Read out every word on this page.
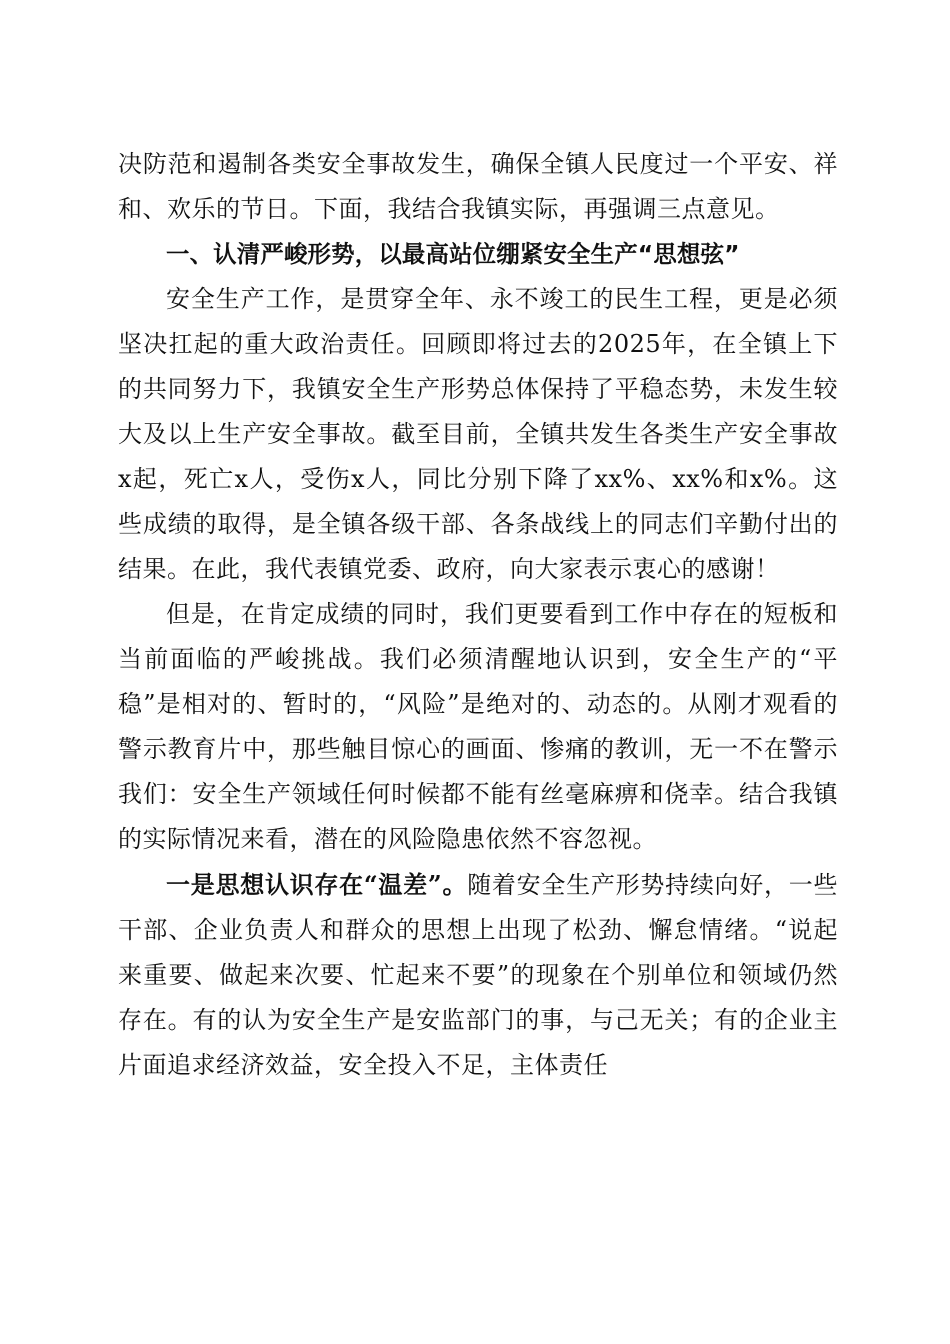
决防范和遏制各类安全事故发生，确保全镇人民度过一个平安、祥和、欢乐的节日。下面，我结合我镇实际，再强调三点意见。

一、认清严峻形势，以最高站位绷紧安全生产“思想弦”

安全生产工作，是贯穿全年、永不竣工的民生工程，更是必须坚决扛起的重大政治责任。回顾即将过去的2025年，在全镇上下的共同努力下，我镇安全生产形势总体保持了平稳态势，未发生较大及以上生产安全事故。截至目前，全镇共发生各类生产安全事故x起，死亡x人，受伤x人，同比分别下降了xx%、xx%和x%。这些成绩的取得，是全镇各级干部、各条战线上的同志们辛勤付出的结果。在此，我代表镇党委、政府，向大家表示衷心的感谢！

但是，在肯定成绩的同时，我们更要看到工作中存在的短板和当前面临的严峻挑战。我们必须清醒地认识到，安全生产的“平稳”是相对的、暂时的，“风险”是绝对的、动态的。从刚才观看的警示教育片中，那些触目惊心的画面、惨痛的教训，无一不在警示我们：安全生产领域任何时候都不能有丝毫麻痹和侥幸。结合我镇的实际情况来看，潜在的风险隐患依然不容忽视。

一是思想认识存在“温差”。随着安全生产形势持续向好，一些干部、企业负责人和群众的思想上出现了松劲、懈怠情绪。“说起来重要、做起来次要、忙起来不要”的现象在个别单位和领域仍然存在。有的认为安全生产是安监部门的事，与己无关；有的企业主片面追求经济效益，安全投入不足，主体责任
